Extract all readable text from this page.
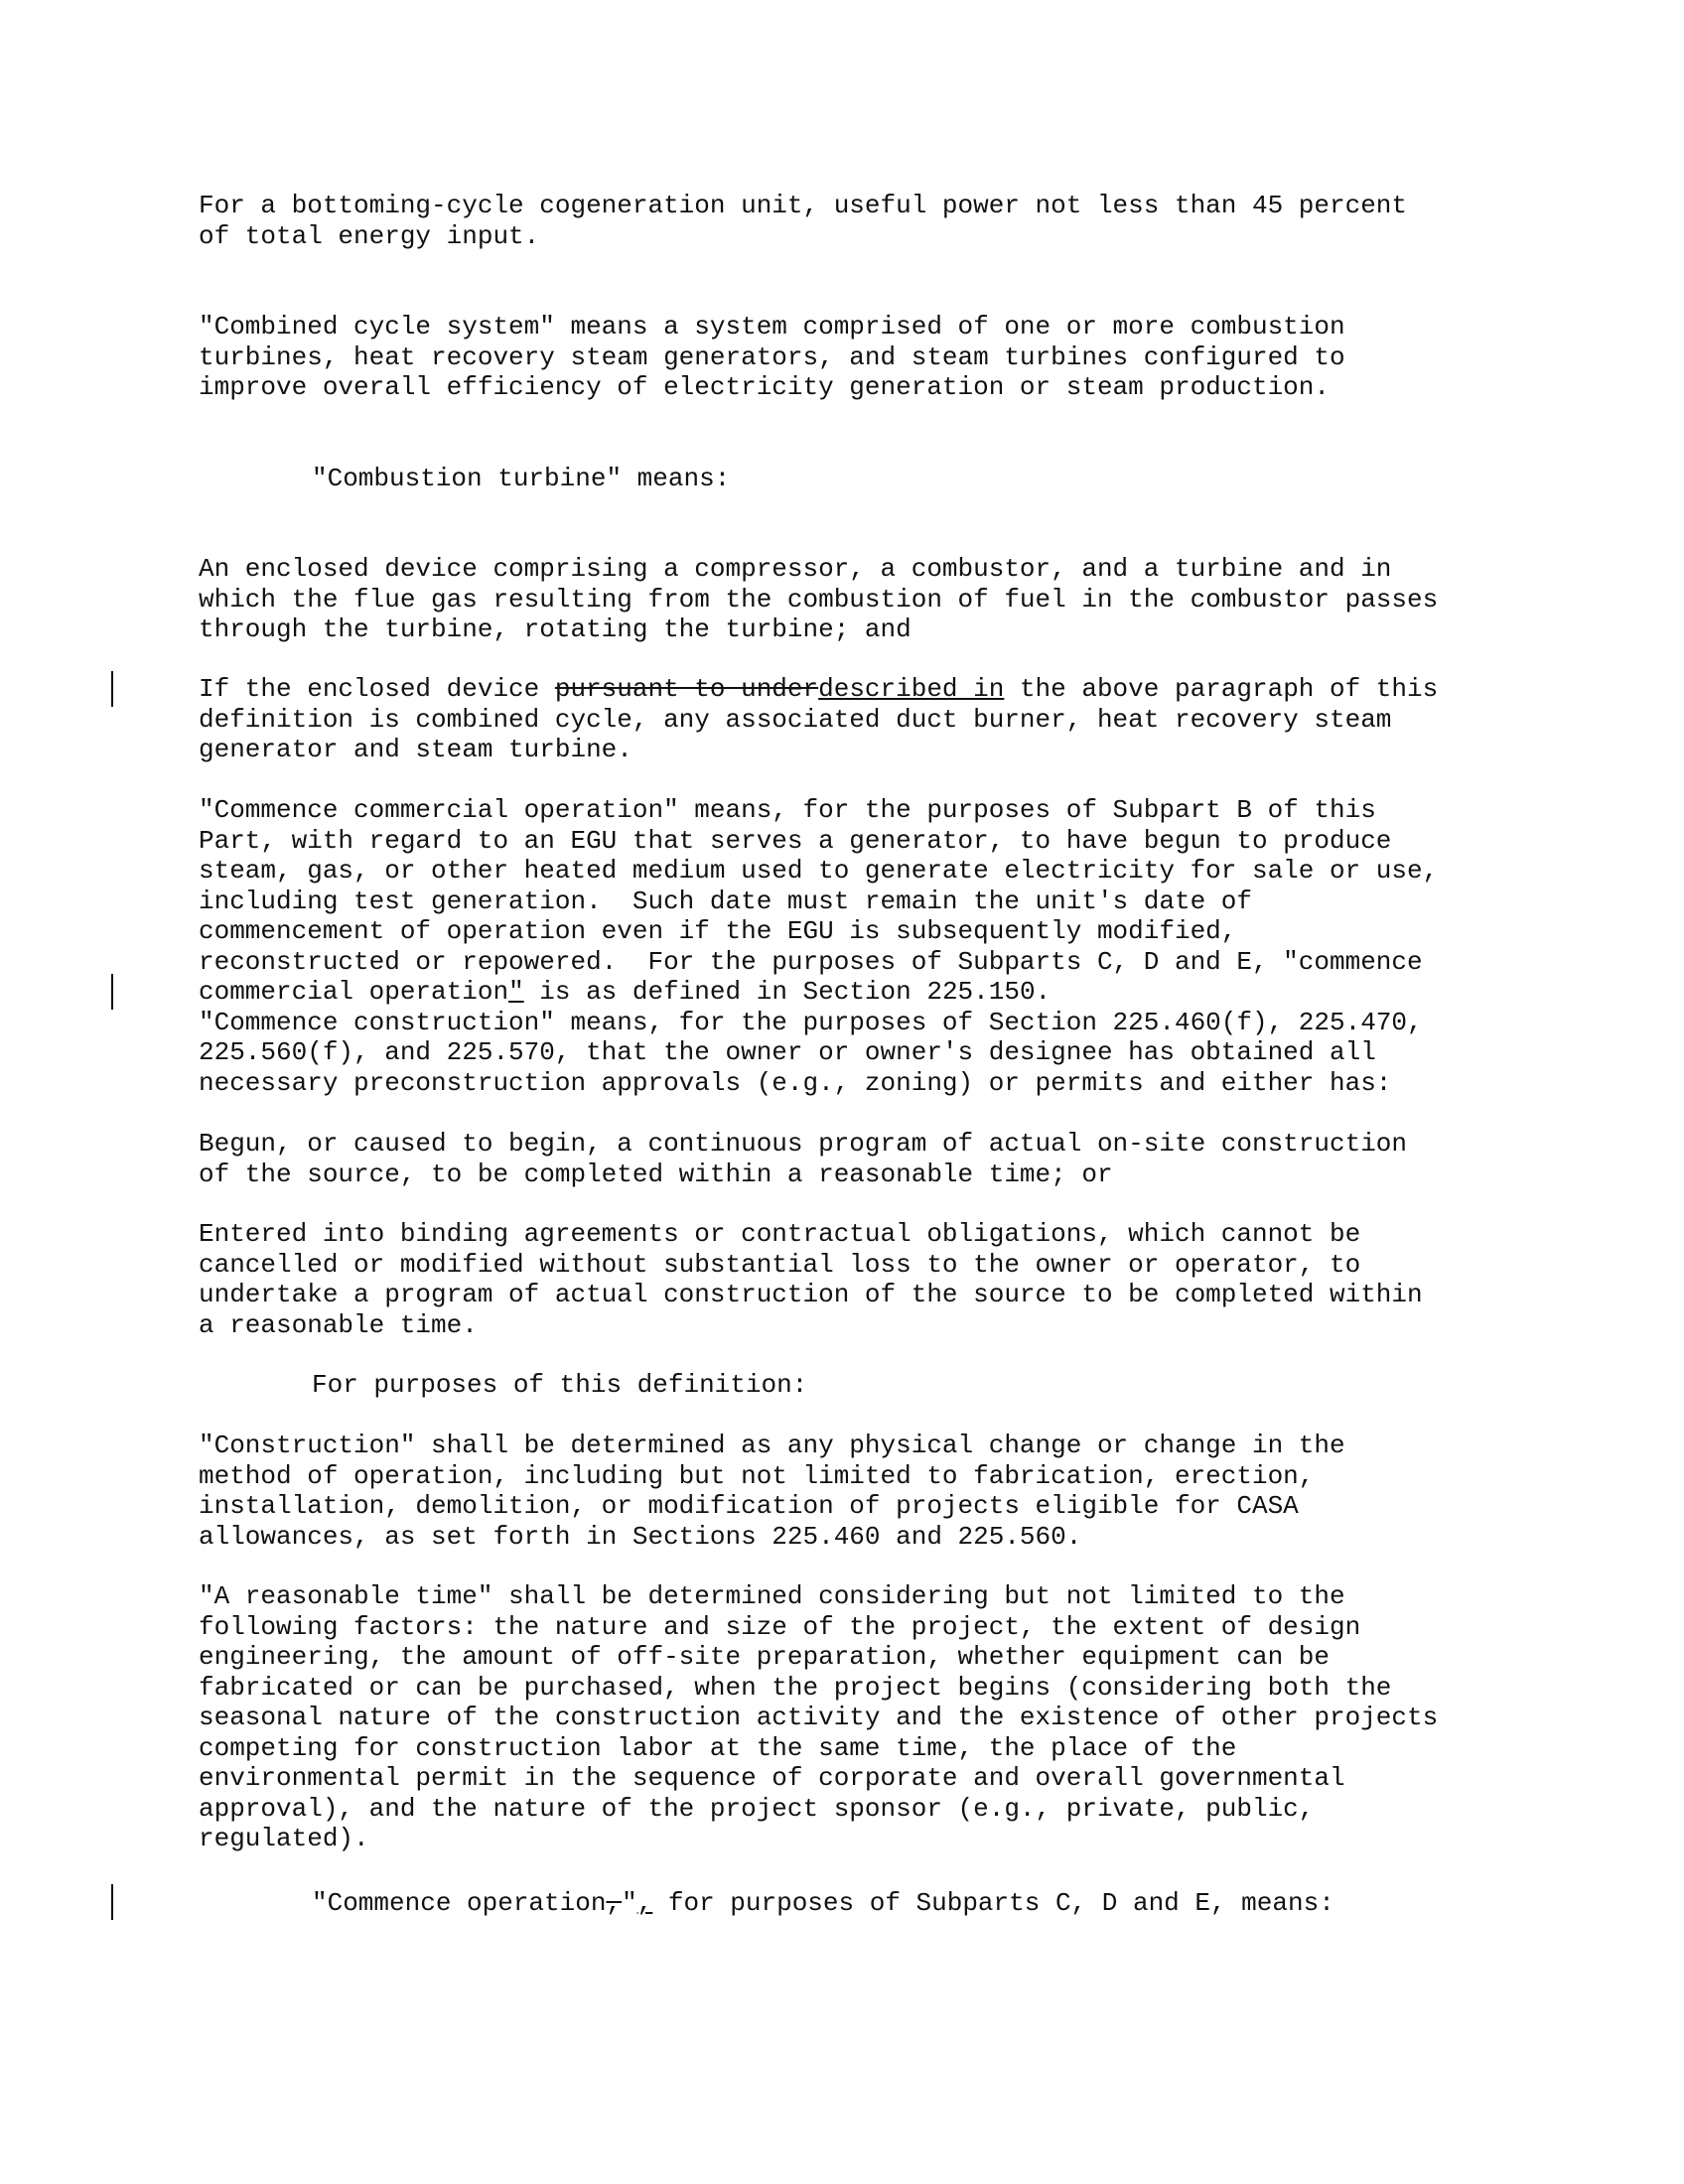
For a bottoming-cycle cogeneration unit, useful power not less than 45 percent
of total energy input.

"Combined cycle system" means a system comprised of one or more combustion
turbines, heat recovery steam generators, and steam turbines configured to
improve overall efficiency of electricity generation or steam production.

"Combustion turbine" means:

An enclosed device comprising a compressor, a combustor, and a turbine and in
which the flue gas resulting from the combustion of fuel in the combustor passes
through the turbine, rotating the turbine; and

If the enclosed device pursuant to underdescribed in the above paragraph of this
definition is combined cycle, any associated duct burner, heat recovery steam
generator and steam turbine.

"Commence commercial operation" means, for the purposes of Subpart B of this
Part, with regard to an EGU that serves a generator, to have begun to produce
steam, gas, or other heated medium used to generate electricity for sale or use,
including test generation.  Such date must remain the unit's date of
commencement of operation even if the EGU is subsequently modified,
reconstructed or repowered.  For the purposes of Subparts C, D and E, "commence
commercial operation" is as defined in Section 225.150.
"Commence construction" means, for the purposes of Section 225.460(f), 225.470,
225.560(f), and 225.570, that the owner or owner's designee has obtained all
necessary preconstruction approvals (e.g., zoning) or permits and either has:

Begun, or caused to begin, a continuous program of actual on-site construction
of the source, to be completed within a reasonable time; or

Entered into binding agreements or contractual obligations, which cannot be
cancelled or modified without substantial loss to the owner or operator, to
undertake a program of actual construction of the source to be completed within
a reasonable time.

For purposes of this definition:

"Construction" shall be determined as any physical change or change in the
method of operation, including but not limited to fabrication, erection,
installation, demolition, or modification of projects eligible for CASA
allowances, as set forth in Sections 225.460 and 225.560.

"A reasonable time" shall be determined considering but not limited to the
following factors: the nature and size of the project, the extent of design
engineering, the amount of off-site preparation, whether equipment can be
fabricated or can be purchased, when the project begins (considering both the
seasonal nature of the construction activity and the existence of other projects
competing for construction labor at the same time, the place of the
environmental permit in the sequence of corporate and overall governmental
approval), and the nature of the project sponsor (e.g., private, public,
regulated).

"Commence operation,", for purposes of Subparts C, D and E, means:
